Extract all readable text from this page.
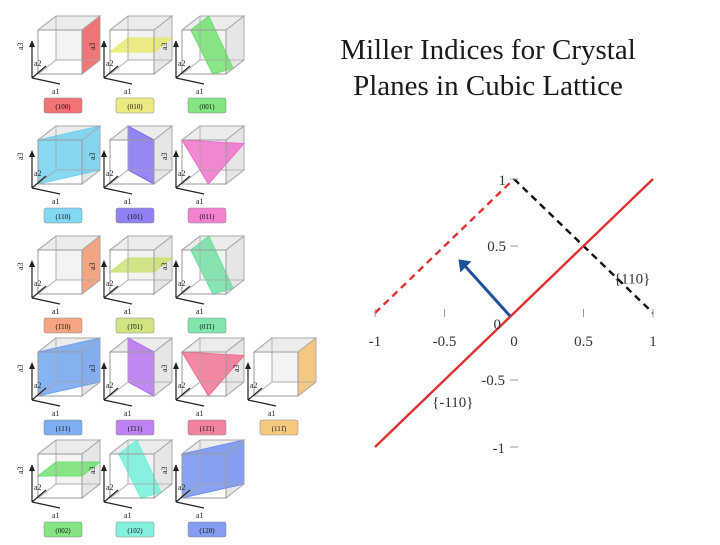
Miller Indices for Crystal
Planes in Cubic Lattice
a3
a2
a1
(100)
a3
a2
a1
(010)
a3
a2
a1
(001)
a3
a2
a1
(110)
a3
a2
a1
(101)
a3
a2
a1
(011)
a3
a2
a1
(1̄10)
a3
a2
a1
(1̄01)
a3
a2
a1
(01̄1)
a3
a2
a1
(111)
a3
a2
a1
(1̄11)
a3
a2
a1
(11̄1)
a3
a2
a1
(111̄)
a3
a2
a1
(002)
a3
a2
a1
(102)
a3
a2
a1
(120)
-1	-0.5	0	0.5	1
1
0.5
0
-0.5
-1
{110}
{-110}
